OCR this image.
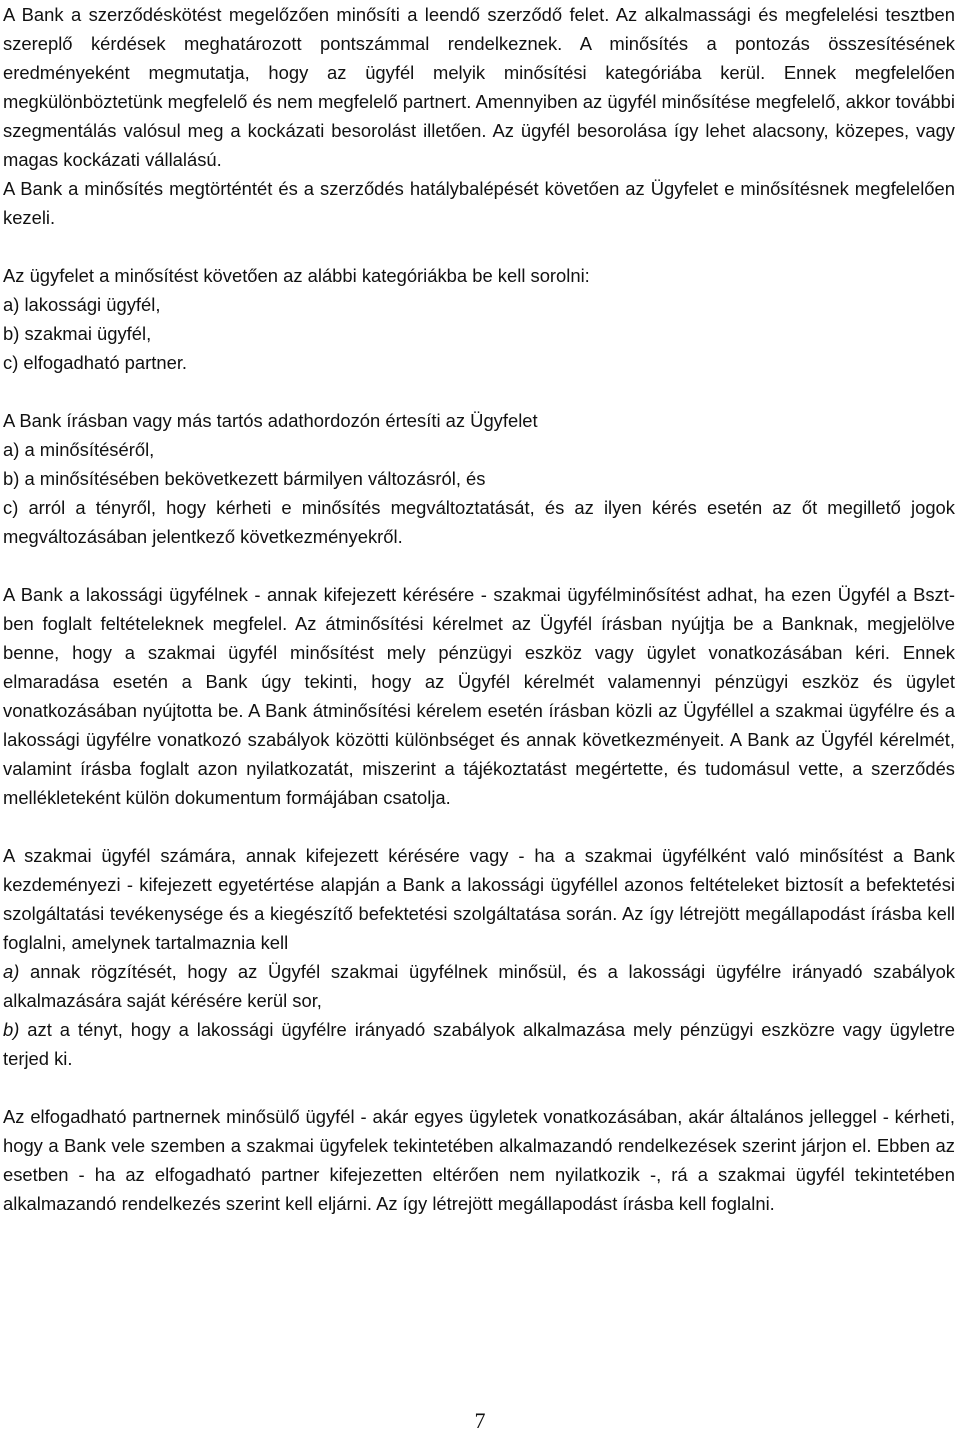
A Bank a szerződéskötést megelőzően minősíti a leendő szerződő felet. Az alkalmassági és megfelelési tesztben szereplő kérdések meghatározott pontszámmal rendelkeznek. A minősítés a pontozás összesítésének eredményeként megmutatja, hogy az ügyfél melyik minősítési kategóriába kerül. Ennek megfelelően megkülönböztetünk megfelelő és nem megfelelő partnert. Amennyiben az ügyfél minősítése megfelelő, akkor további szegmentálás valósul meg a kockázati besorolást illetően. Az ügyfél besorolása így lehet alacsony, közepes, vagy magas kockázati vállalású.

A Bank a minősítés megtörténtét és a szerződés hatálybalépését követően az Ügyfelet e minősítésnek megfelelően kezeli.

Az ügyfelet a minősítést követően az alábbi kategóriákba be kell sorolni:

a) lakossági ügyfél,

b) szakmai ügyfél,

c) elfogadható partner.

A Bank írásban vagy más tartós adathordozón értesíti az Ügyfelet

a) a minősítéséről,

b) a minősítésében bekövetkezett bármilyen változásról, és

c) arról a tényről, hogy kérheti e minősítés megváltoztatását, és az ilyen kérés esetén az őt megillető jogok megváltozásában jelentkező következményekről.

A Bank a lakossági ügyfélnek - annak kifejezett kérésére - szakmai ügyfélminősítést adhat, ha ezen Ügyfél a Bszt-ben foglalt feltételeknek megfelel. Az átminősítési kérelmet az Ügyfél írásban nyújtja be a Banknak, megjelölve benne, hogy a szakmai ügyfél minősítést mely pénzügyi eszköz vagy ügylet vonatkozásában kéri. Ennek elmaradása esetén a Bank úgy tekinti, hogy az Ügyfél kérelmét valamennyi pénzügyi eszköz és ügylet vonatkozásában nyújtotta be. A Bank átminősítési kérelem esetén írásban közli az Ügyféllel a szakmai ügyfélre és a lakossági ügyfélre vonatkozó szabályok közötti különbséget és annak következményeit. A Bank az Ügyfél kérelmét, valamint írásba foglalt azon nyilatkozatát, miszerint a tájékoztatást megértette, és tudomásul vette, a szerződés mellékleteként külön dokumentum formájában csatolja.

A szakmai ügyfél számára, annak kifejezett kérésére vagy - ha a szakmai ügyfélként való minősítést a Bank kezdeményezi - kifejezett egyetértése alapján a Bank a lakossági ügyféllel azonos feltételeket biztosít a befektetési szolgáltatási tevékenysége és a kiegészítő befektetési szolgáltatása során. Az így létrejött megállapodást írásba kell foglalni, amelynek tartalmaznia kell

a) annak rögzítését, hogy az Ügyfél szakmai ügyfélnek minősül, és a lakossági ügyfélre irányadó szabályok alkalmazására saját kérésére kerül sor,

b) azt a tényt, hogy a lakossági ügyfélre irányadó szabályok alkalmazása mely pénzügyi eszközre vagy ügyletre terjed ki.

Az elfogadható partnernek minősülő ügyfél - akár egyes ügyletek vonatkozásában, akár általános jelleggel - kérheti, hogy a Bank vele szemben a szakmai ügyfelek tekintetében alkalmazandó rendelkezések szerint járjon el. Ebben az esetben - ha az elfogadható partner kifejezetten eltérően nem nyilatkozik -, rá a szakmai ügyfél tekintetében alkalmazandó rendelkezés szerint kell eljárni. Az így létrejött megállapodást írásba kell foglalni.

7
